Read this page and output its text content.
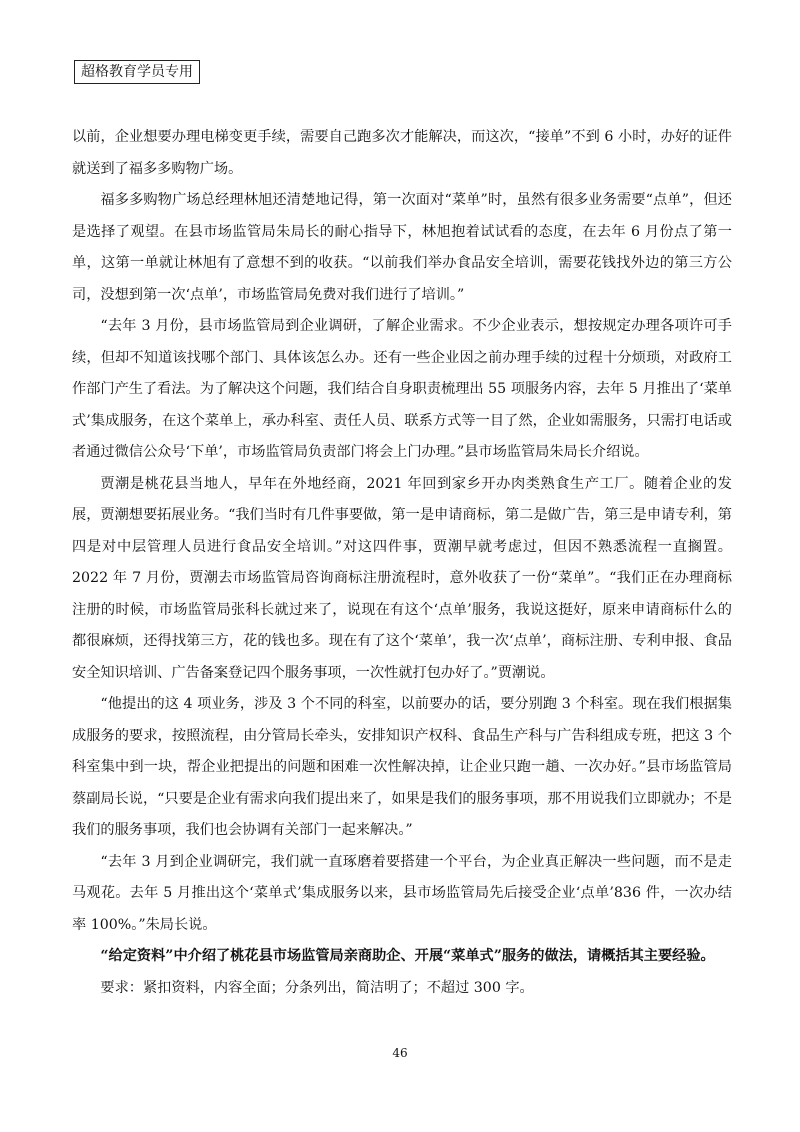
超格教育学员专用

以前，企业想要办理电梯变更手续，需要自己跑多次才能解决，而这次，“接单”不到 6 小时，办好的证件就送到了福多多购物广场。

福多多购物广场总经理林旭还清楚地记得，第一次面对“菜单”时，虽然有很多业务需要“点单”，但还是选择了观望。在县市场监管局朱局长的耐心指导下，林旭抱着试试看的态度，在去年 6 月份点了第一单，这第一单就让林旭有了意想不到的收获。“以前我们举办食品安全培训，需要花钱找外边的第三方公司，没想到第一次‘点单’，市场监管局免费对我们进行了培训。”

“去年 3 月份，县市场监管局到企业调研，了解企业需求。不少企业表示，想按规定办理各项许可手续，但却不知道该找哪个部门、具体该怎么办。还有一些企业因之前办理手续的过程十分烦琐，对政府工作部门产生了看法。为了解决这个问题，我们结合自身职责梳理出 55 项服务内容，去年 5 月推出了‘菜单式’集成服务，在这个菜单上，承办科室、责任人员、联系方式等一目了然，企业如需服务，只需打电话或者通过微信公众号‘下单’，市场监管局负责部门将会上门办理。”县市场监管局朱局长介绍说。

贾潮是桃花县当地人，早年在外地经商，2021 年回到家乡开办肉类熟食生产工厂。随着企业的发展，贾潮想要拓展业务。“我们当时有几件事要做，第一是申请商标，第二是做广告，第三是申请专利，第四是对中层管理人员进行食品安全培训。”对这四件事，贾潮早就考虑过，但因不熟悉流程一直搁置。2022 年 7 月份，贾潮去市场监管局咨询商标注册流程时，意外收获了一份“菜单”。“我们正在办理商标注册的时候，市场监管局张科长就过来了，说现在有这个‘点单’服务，我说这挺好，原来申请商标什么的都很麻烦，还得找第三方，花的钱也多。现在有了这个‘菜单’，我一次‘点单’，商标注册、专利申报、食品安全知识培训、广告备案登记四个服务事项，一次性就打包办好了。”贾潮说。

“他提出的这 4 项业务，涉及 3 个不同的科室，以前要办的话，要分别跑 3 个科室。现在我们根据集成服务的要求，按照流程，由分管局长牵头，安排知识产权科、食品生产科与广告科组成专班，把这 3 个科室集中到一块，帮企业把提出的问题和困难一次性解决掉，让企业只跑一趟、一次办好。”县市场监管局蔡副局长说，“只要是企业有需求向我们提出来了，如果是我们的服务事项，那不用说我们立即就办；不是我们的服务事项，我们也会协调有关部门一起来解决。”

“去年 3 月到企业调研完，我们就一直琢磨着要搭建一个平台，为企业真正解决一些问题，而不是走马观花。去年 5 月推出这个‘菜单式’集成服务以来，县市场监管局先后接受企业‘点单’836 件，一次办结率 100%。”朱局长说。

“给定资料”中介绍了桃花县市场监管局亲商助企、开展“菜单式”服务的做法，请概括其主要经验。

要求：紧扣资料，内容全面；分条列出，简洁明了；不超过 300 字。

46
